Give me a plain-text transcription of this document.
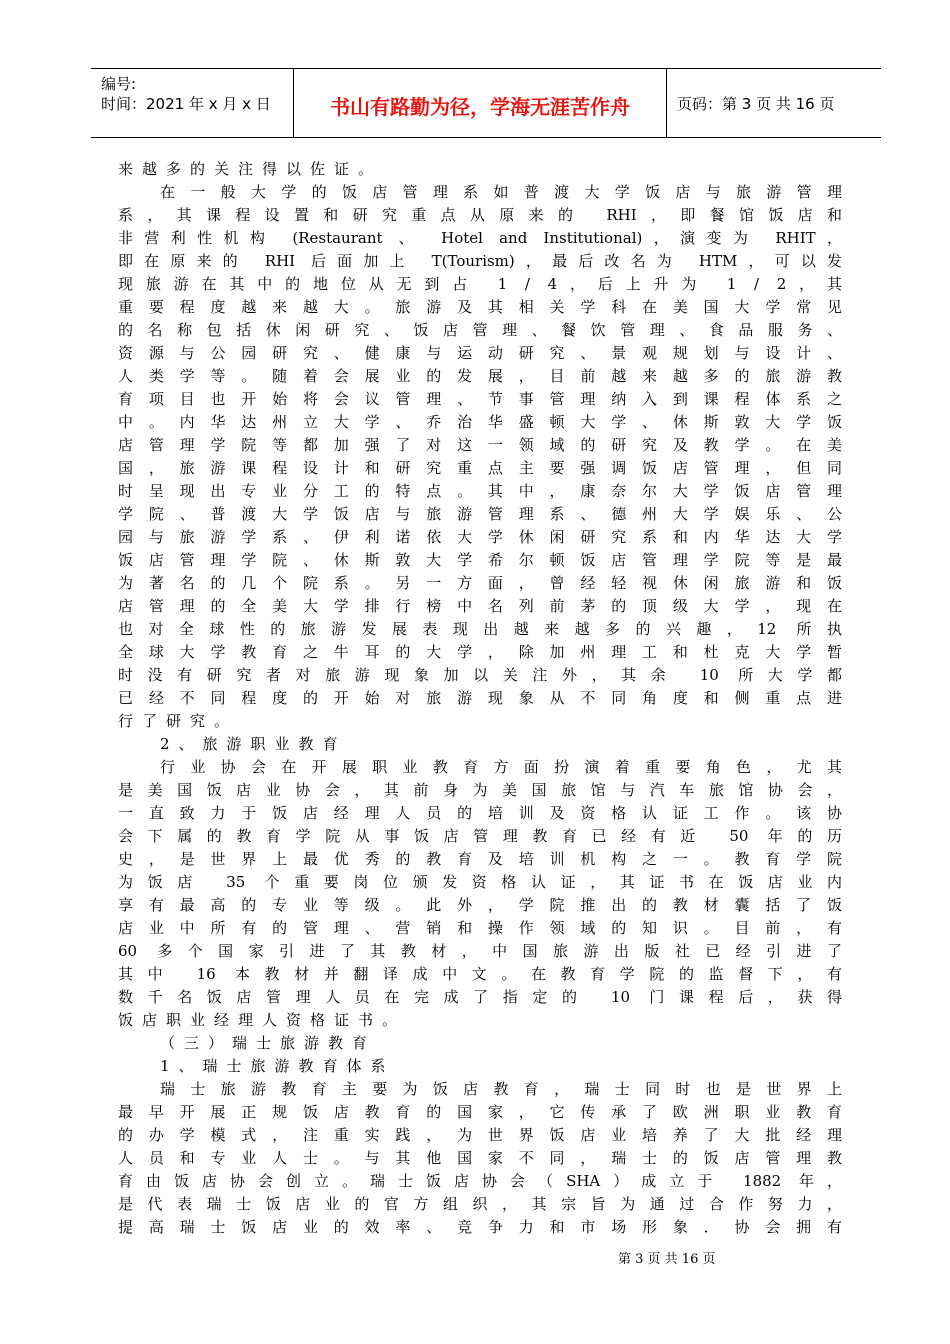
编号:
时间：2021 年 x 月 x 日	书山有路勤为径，学海无涯苦作舟	页码：第 3 页 共 16 页
来越多的关注得以佐证。
在一般大学的饭店管理系如普渡大学饭店与旅游管理
系，其课程设置和研究重点从原来的 RHI，即餐馆饭店和
非营利性机构 (Restaurant 、 Hotel and Institutional)，演变为 RHIT，
即在原来的 RHI 后面加上 T(Tourism)，最后改名为 HTM，可以发
现旅游在其中的地位从无到占 1 / 4，后上升为 1 / 2，其
重要程度越来越大。旅游及其相关学科在美国大学常见
的名称包括休闲研究、饭店管理、餐饮管理、食品服务、
资源与公园研究、健康与运动研究、景观规划与设计、
人类学等。随着会展业的发展，目前越来越多的旅游教
育项目也开始将会议管理、节事管理纳入到课程体系之
中。内华达州立大学、乔治华盛顿大学、休斯敦大学饭
店管理学院等都加强了对这一领域的研究及教学。在美
国，旅游课程设计和研究重点主要强调饭店管理，但同
时呈现出专业分工的特点。其中，康奈尔大学饭店管理
学院、普渡大学饭店与旅游管理系、德州大学娱乐、公
园与旅游学系、伊利诺依大学休闲研究系和内华达大学
饭店管理学院、休斯敦大学希尔顿饭店管理学院等是最
为著名的几个院系。另一方面，曾经轻视休闲旅游和饭
店管理的全美大学排行榜中名列前茅的顶级大学，现在
也对全球性的旅游发展表现出越来越多的兴趣，12 所执
全球大学教育之牛耳的大学，除加州理工和杜克大学暂
时没有研究者对旅游现象加以关注外，其余 10 所大学都
已经不同程度的开始对旅游现象从不同角度和侧重点进
行了研究。
2、旅游职业教育
行业协会在开展职业教育方面扮演着重要角色，尤其
是美国饭店业协会，其前身为美国旅馆与汽车旅馆协会，
一直致力于饭店经理人员的培训及资格认证工作。该协
会下属的教育学院从事饭店管理教育已经有近 50 年的历
史，是世界上最优秀的教育及培训机构之一。教育学院
为饭店 35 个重要岗位颁发资格认证，其证书在饭店业内
享有最高的专业等级。此外，学院推出的教材囊括了饭
店业中所有的管理、营销和操作领域的知识。目前，有
60 多个国家引进了其教材，中国旅游出版社已经引进了
其中 16 本教材并翻译成中文。在教育学院的监督下，有
数千名饭店管理人员在完成了指定的 10 门课程后，获得
饭店职业经理人资格证书。
（三）瑞士旅游教育
1、瑞士旅游教育体系
瑞士旅游教育主要为饭店教育，瑞士同时也是世界上
最早开展正规饭店教育的国家，它传承了欧洲职业教育
的办学模式，注重实践，为世界饭店业培养了大批经理
人员和专业人士。与其他国家不同，瑞士的饭店管理教
育由饭店协会创立。瑞士饭店协会（SHA）成立于 1882 年，
是代表瑞士饭店业的官方组织，其宗旨为通过合作努力，
提高瑞士饭店业的效率、竞争力和市场形象．协会拥有
第 3 页 共 16 页
